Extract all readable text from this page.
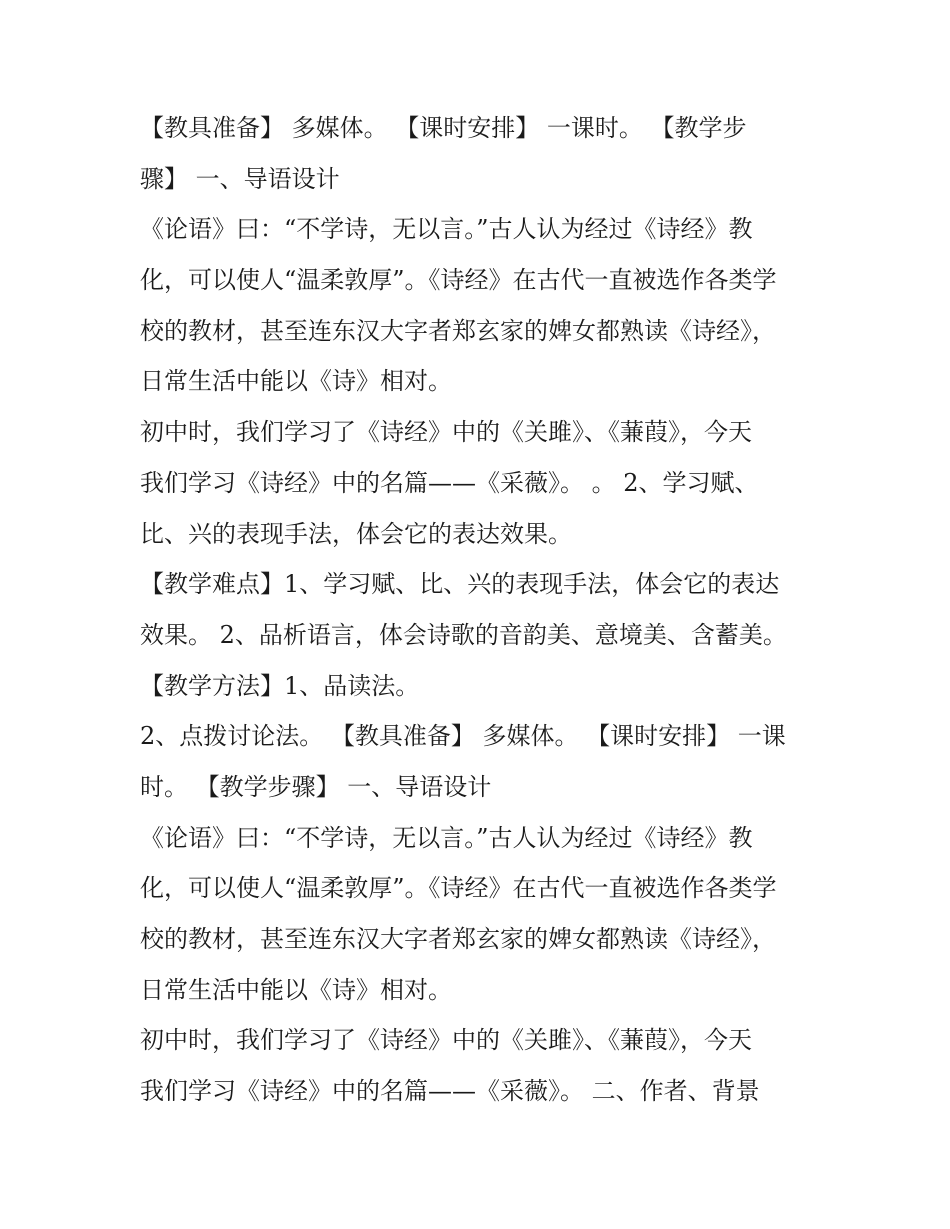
【教具准备】 多媒体。 【课时安排】 一课时。 【教学步
骤】 一、导语设计
《论语》曰：“不学诗，无以言。”古人认为经过《诗经》教
化，可以使人“温柔敦厚”。《诗经》在古代一直被选作各类学
校的教材，甚至连东汉大字者郑玄家的婢女都熟读《诗经》，
日常生活中能以《诗》相对。
初中时，我们学习了《诗经》中的《关雎》、《蒹葭》，今天
我们学习《诗经》中的名篇——《采薇》。 。 2、学习赋、
比、兴的表现手法，体会它的表达效果。
【教学难点】1、学习赋、比、兴的表现手法，体会它的表达
效果。 2、品析语言，体会诗歌的音韵美、意境美、含蓄美。
【教学方法】1、品读法。
2、点拨讨论法。 【教具准备】 多媒体。 【课时安排】 一课
时。 【教学步骤】 一、导语设计
《论语》曰：“不学诗，无以言。”古人认为经过《诗经》教
化，可以使人“温柔敦厚”。《诗经》在古代一直被选作各类学
校的教材，甚至连东汉大字者郑玄家的婢女都熟读《诗经》，
日常生活中能以《诗》相对。
初中时，我们学习了《诗经》中的《关雎》、《蒹葭》，今天
我们学习《诗经》中的名篇——《采薇》。 二、作者、背景
